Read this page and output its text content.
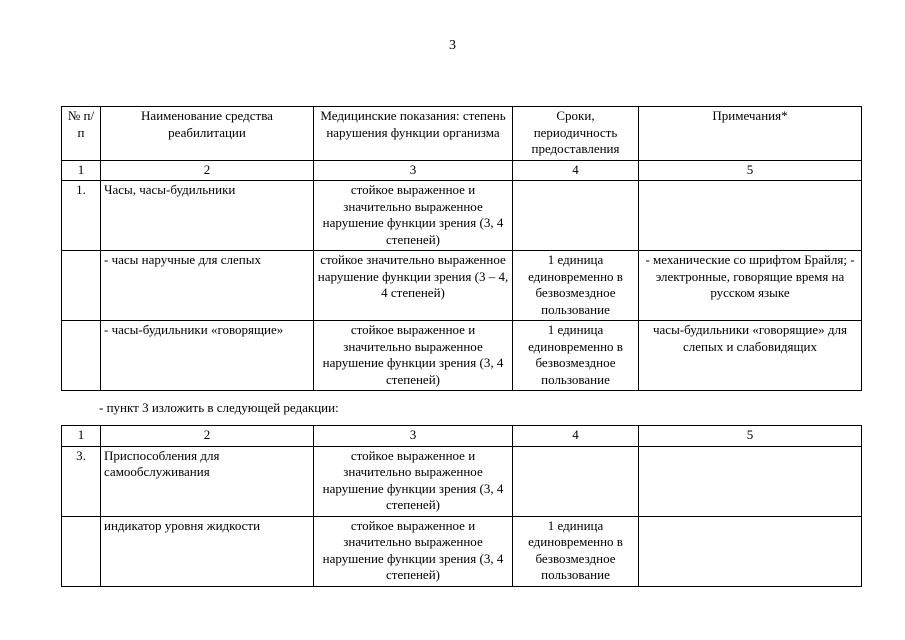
3
№ п/п	Наименование средства реабилитации	Медицинские показания: степень нарушения функции организма	Сроки, периодичность предоставления	Примечания*
1	2	3	4	5
1.	Часы, часы-будильники	стойкое выраженное и значительно выраженное нарушение функции зрения (3, 4 степеней)		
	- часы наручные для слепых	стойкое значительно выраженное нарушение функции зрения (3 – 4, 4 степеней)	1 единица единовременно в безвозмездное пользование	- механические со шрифтом Брайля; - электронные, говорящие время на русском языке
	- часы-будильники «говорящие»	стойкое выраженное и значительно выраженное нарушение функции зрения (3, 4 степеней)	1 единица единовременно в безвозмездное пользование	часы-будильники «говорящие» для слепых и слабовидящих
- пункт 3 изложить в следующей редакции:
1	2	3	4	5
3.	Приспособления для самообслуживания	стойкое выраженное и значительно выраженное нарушение функции зрения (3, 4 степеней)		
	индикатор уровня жидкости	стойкое выраженное и значительно выраженное нарушение функции зрения (3, 4 степеней)	1 единица единовременно в безвозмездное пользование	
